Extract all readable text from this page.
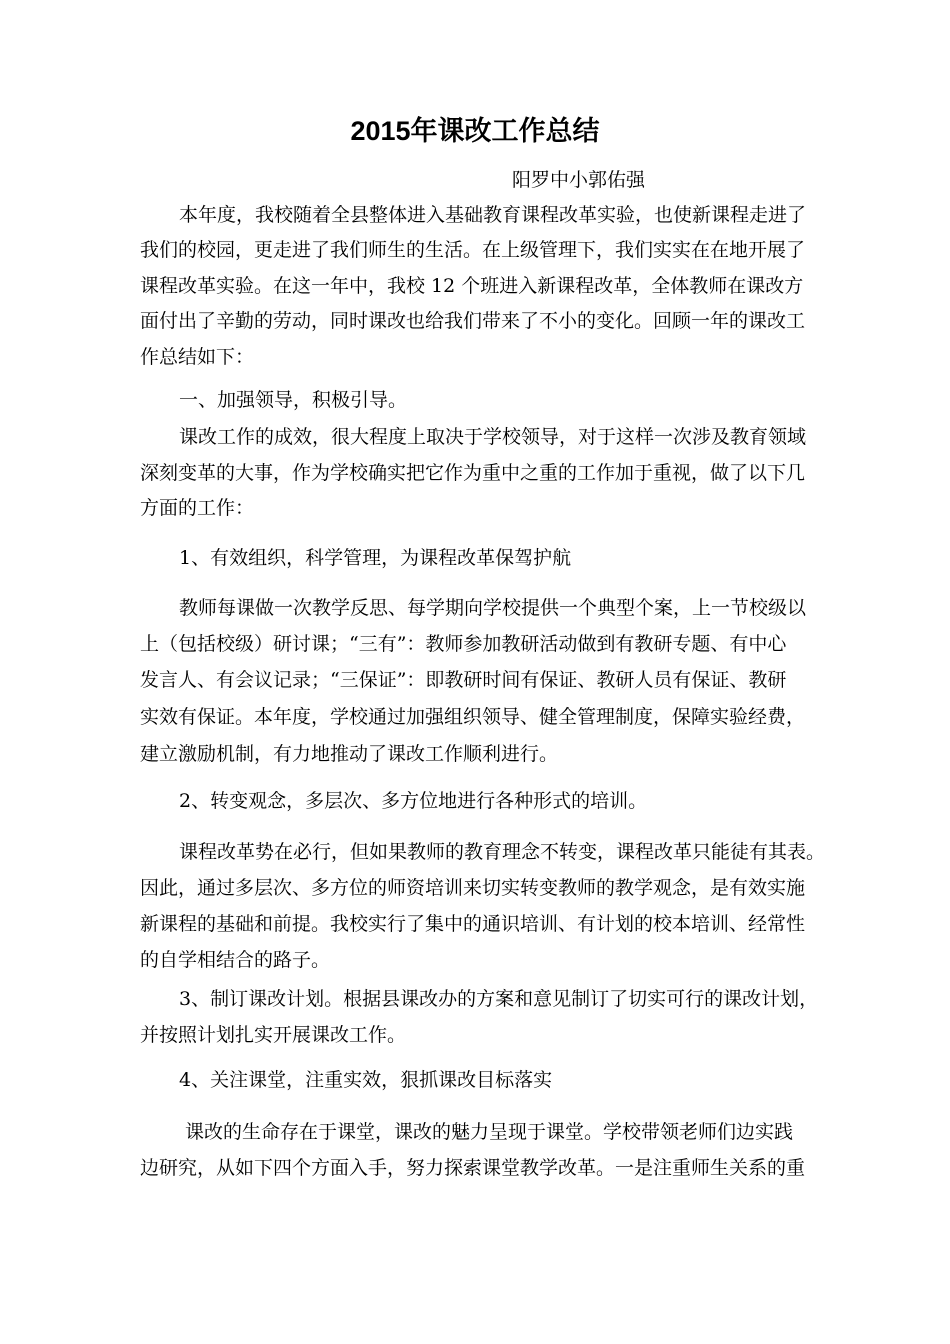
2015年课改工作总结
阳罗中小郭佑强
本年度，我校随着全县整体进入基础教育课程改革实验，也使新课程走进了
我们的校园，更走进了我们师生的生活。在上级管理下，我们实实在在地开展了
课程改革实验。在这一年中，我校 12 个班进入新课程改革，全体教师在课改方
面付出了辛勤的劳动，同时课改也给我们带来了不小的变化。回顾一年的课改工
作总结如下：
一、加强领导，积极引导。
课改工作的成效，很大程度上取决于学校领导，对于这样一次涉及教育领域
深刻变革的大事，作为学校确实把它作为重中之重的工作加于重视，做了以下几
方面的工作：
1、有效组织，科学管理，为课程改革保驾护航
教师每课做一次教学反思、每学期向学校提供一个典型个案，上一节校级以
上（包括校级）研讨课；“三有”：教师参加教研活动做到有教研专题、有中心
发言人、有会议记录；“三保证”：即教研时间有保证、教研人员有保证、教研
实效有保证。本年度，学校通过加强组织领导、健全管理制度，保障实验经费，
建立激励机制，有力地推动了课改工作顺利进行。
2、转变观念，多层次、多方位地进行各种形式的培训。
课程改革势在必行，但如果教师的教育理念不转变，课程改革只能徒有其表。
因此，通过多层次、多方位的师资培训来切实转变教师的教学观念，是有效实施
新课程的基础和前提。我校实行了集中的通识培训、有计划的校本培训、经常性
的自学相结合的路子。
3、制订课改计划。根据县课改办的方案和意见制订了切实可行的课改计划，
并按照计划扎实开展课改工作。
4、关注课堂，注重实效，狠抓课改目标落实
课改的生命存在于课堂，课改的魅力呈现于课堂。学校带领老师们边实践
边研究，从如下四个方面入手，努力探索课堂教学改革。一是注重师生关系的重
